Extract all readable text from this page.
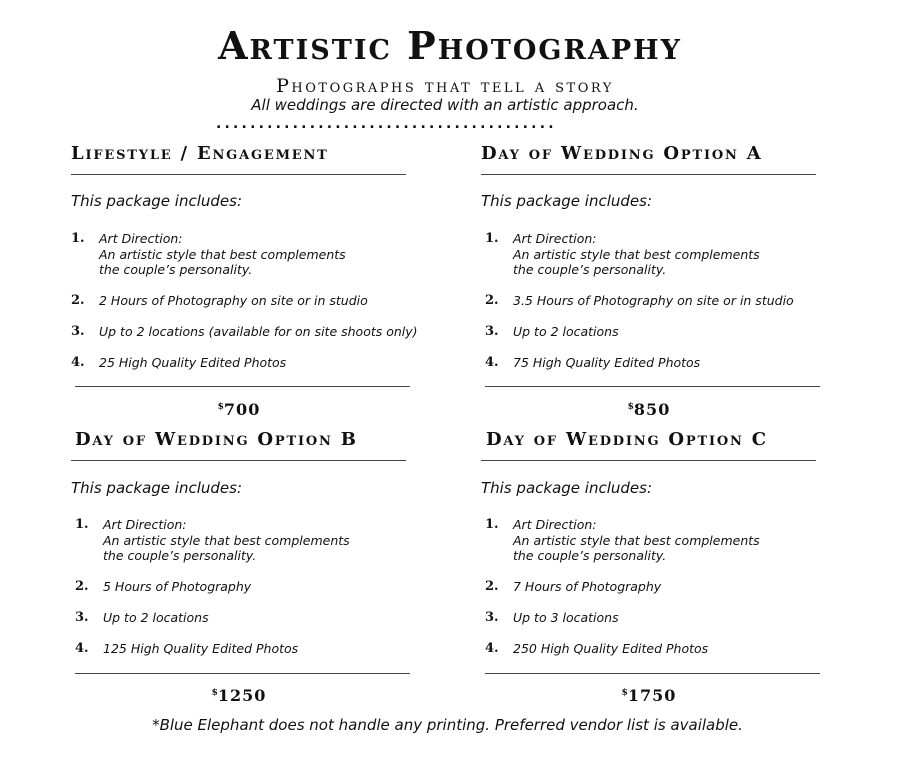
Artistic Photography
Photographs that tell a story
All weddings are directed with an artistic approach.
........................................
Lifestyle / Engagement
This package includes:
1. Art Direction:
An artistic style that best complements
the couple’s personality.
2. 2 Hours of Photography on site or in studio
3. Up to 2 locations (available for on site shoots only)
4. 25 High Quality Edited Photos
$700
Day of Wedding Option A
This package includes:
1. Art Direction:
An artistic style that best complements
the couple’s personality.
2. 3.5 Hours of Photography on site or in studio
3. Up to 2 locations
4. 75 High Quality Edited Photos
$850
Day of Wedding Option B
This package includes:
1. Art Direction:
An artistic style that best complements
the couple’s personality.
2. 5 Hours of Photography
3. Up to 2 locations
4. 125 High Quality Edited Photos
$1250
Day of Wedding Option C
This package includes:
1. Art Direction:
An artistic style that best complements
the couple’s personality.
2. 7 Hours of Photography
3. Up to 3 locations
4. 250 High Quality Edited Photos
$1750
*Blue Elephant does not handle any printing. Preferred vendor list is available.
